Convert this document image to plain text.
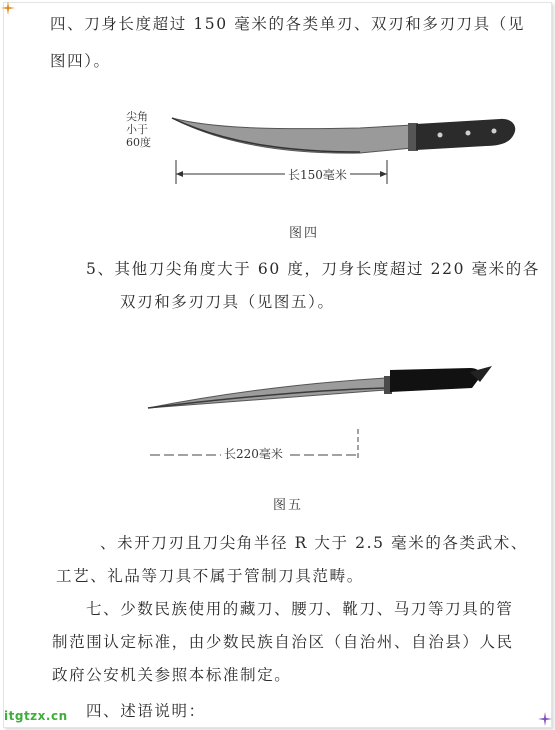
四、刀身长度超过 150 毫米的各类单刃、双刃和多刃刀具（见
图四）。
尖角
小于
60度
长150毫米
图四
5、其他刀尖角度大于 60 度，刀身长度超过 220 毫米的各
双刃和多刃刀具（见图五）。
长220毫米
图五
、未开刀刃且刀尖角半径 R 大于 2.5 毫米的各类武术、
工艺、礼品等刀具不属于管制刀具范畴。
七、少数民族使用的藏刀、腰刀、靴刀、马刀等刀具的管
制范围认定标准，由少数民族自治区（自治州、自治县）人民
政府公安机关参照本标准制定。
四、述语说明：
itgtzx.cn
